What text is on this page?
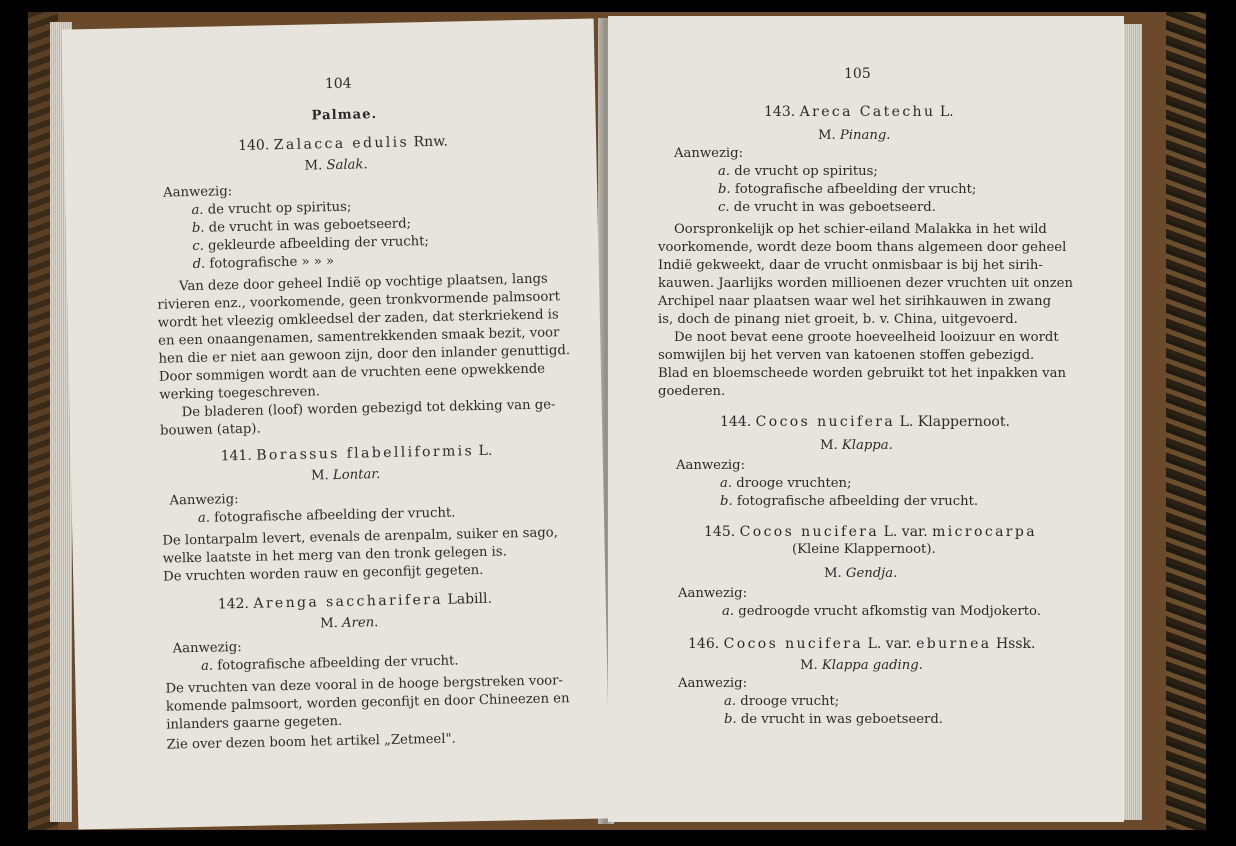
104
Palmae.
140. Zalacca edulis Rnw.
M. Salak.
Aanwezig:
a. de vrucht op spiritus;
b. de vrucht in was geboetseerd;
c. gekleurde afbeelding der vrucht;
d. fotografische » » »
Van deze door geheel Indië op vochtige plaatsen, langs
rivieren enz., voorkomende, geen tronkvormende palmsoort
wordt het vleezig omkleedsel der zaden, dat sterkriekend is
en een onaangenamen, samentrekkenden smaak bezit, voor
hen die er niet aan gewoon zijn, door den inlander genuttigd.
Door sommigen wordt aan de vruchten eene opwekkende
werking toegeschreven.
De bladeren (loof) worden gebezigd tot dekking van ge-
bouwen (atap).
141. Borassus flabelliformis L.
M. Lontar.
Aanwezig:
a. fotografische afbeelding der vrucht.
De lontarpalm levert, evenals de arenpalm, suiker en sago,
welke laatste in het merg van den tronk gelegen is.
De vruchten worden rauw en geconfijt gegeten.
142. Arenga saccharifera Labill.
M. Aren.
Aanwezig:
a. fotografische afbeelding der vrucht.
De vruchten van deze vooral in de hooge bergstreken voor-
komende palmsoort, worden geconfijt en door Chineezen en
inlanders gaarne gegeten.
Zie over dezen boom het artikel „Zetmeel".
105
143. Areca Catechu L.
M. Pinang.
Aanwezig:
a. de vrucht op spiritus;
b. fotografische afbeelding der vrucht;
c. de vrucht in was geboetseerd.
Oorspronkelijk op het schier-eiland Malakka in het wild
voorkomende, wordt deze boom thans algemeen door geheel
Indië gekweekt, daar de vrucht onmisbaar is bij het sirih-
kauwen. Jaarlijks worden millioenen dezer vruchten uit onzen
Archipel naar plaatsen waar wel het sirihkauwen in zwang
is, doch de pinang niet groeit, b. v. China, uitgevoerd.
De noot bevat eene groote hoeveelheid looizuur en wordt
somwijlen bij het verven van katoenen stoffen gebezigd.
Blad en bloemscheede worden gebruikt tot het inpakken van
goederen.
144. Cocos nucifera L. Klappernoot.
M. Klappa.
Aanwezig:
a. drooge vruchten;
b. fotografische afbeelding der vrucht.
145. Cocos nucifera L. var. microcarpa
(Kleine Klappernoot).
M. Gendja.
Aanwezig:
a. gedroogde vrucht afkomstig van Modjokerto.
146. Cocos nucifera L. var. eburnea Hssk.
M. Klappa gading.
Aanwezig:
a. drooge vrucht;
b. de vrucht in was geboetseerd.
